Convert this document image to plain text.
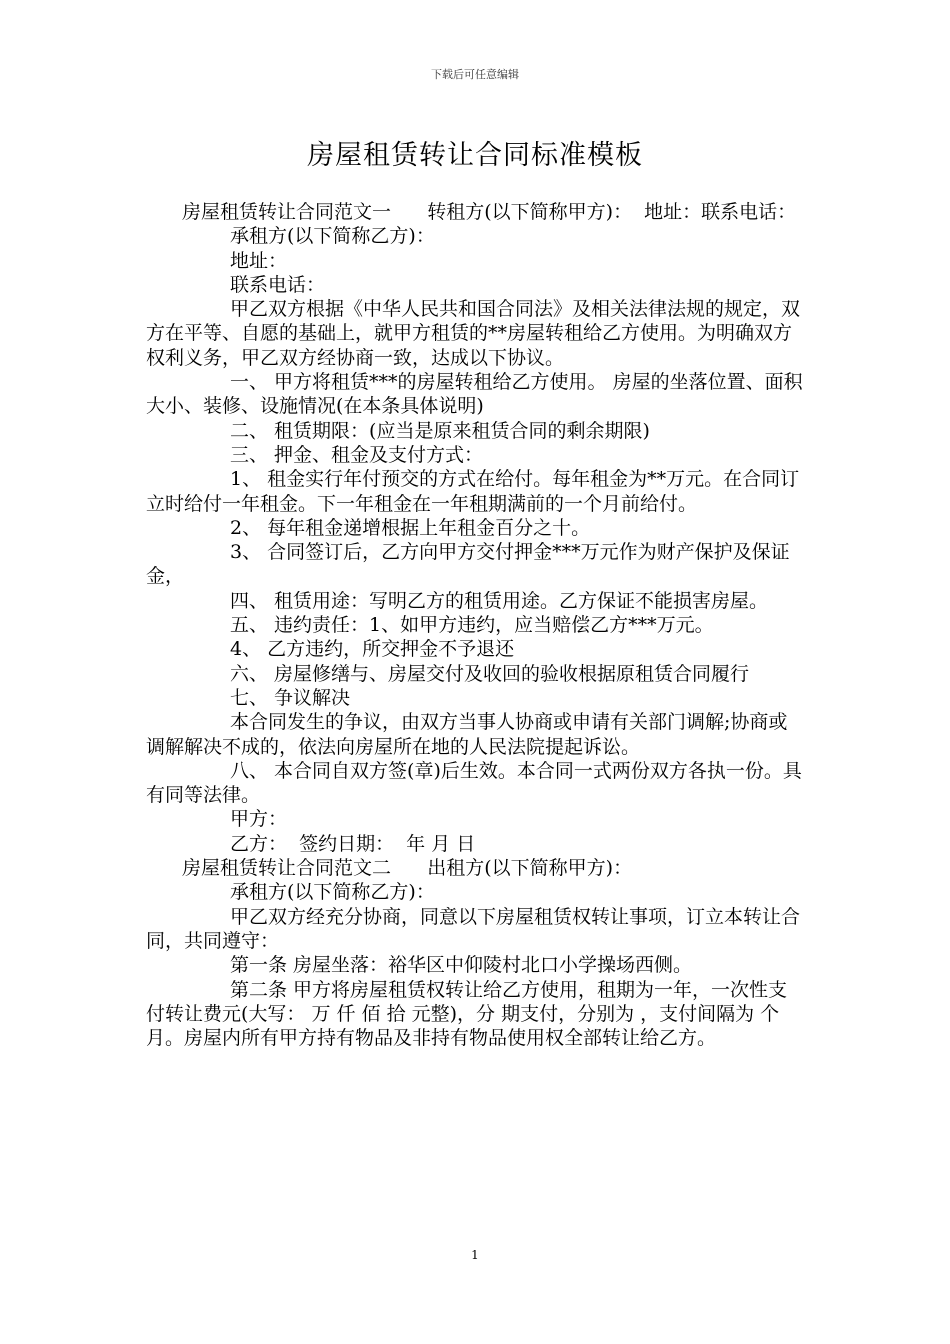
下载后可任意编辑
房屋租赁转让合同标准模板

房屋租赁转让合同范文一      转租方(以下简称甲方)：  地址：联系电话：

承租方(以下简称乙方)：

地址：

联系电话：

甲乙双方根据《中华人民共和国合同法》及相关法律法规的规定，双方在平等、自愿的基础上，就甲方租赁的**房屋转租给乙方使用。为明确双方权利义务，甲乙双方经协商一致，达成以下协议。

一、 甲方将租赁***的房屋转租给乙方使用。 房屋的坐落位置、面积大小、装修、设施情况(在本条具体说明)

二、 租赁期限：(应当是原来租赁合同的剩余期限)

三、 押金、租金及支付方式：

1、 租金实行年付预交的方式在给付。每年租金为**万元。在合同订立时给付一年租金。下一年租金在一年租期满前的一个月前给付。

2、 每年租金递增根据上年租金百分之十。

3、 合同签订后，乙方向甲方交付押金***万元作为财产保护及保证金，

四、 租赁用途：写明乙方的租赁用途。乙方保证不能损害房屋。

五、 违约责任：1、如甲方违约，应当赔偿乙方***万元。

4、 乙方违约，所交押金不予退还

六、 房屋修缮与、房屋交付及收回的验收根据原租赁合同履行

七、 争议解决

本合同发生的争议，由双方当事人协商或申请有关部门调解;协商或调解解决不成的，依法向房屋所在地的人民法院提起诉讼。

八、 本合同自双方签(章)后生效。本合同一式两份双方各执一份。具有同等法律。

甲方：

乙方：  签约日期：  年 月 日

房屋租赁转让合同范文二      出租方(以下简称甲方)：

承租方(以下简称乙方)：

甲乙双方经充分协商，同意以下房屋租赁权转让事项，订立本转让合同，共同遵守：

第一条 房屋坐落：裕华区中仰陵村北口小学操场西侧。

第二条 甲方将房屋租赁权转让给乙方使用，租期为一年，一次性支付转让费元(大写： 万 仟 佰 拾 元整)，分 期支付，分别为 ，支付间隔为 个月。房屋内所有甲方持有物品及非持有物品使用权全部转让给乙方。

1
